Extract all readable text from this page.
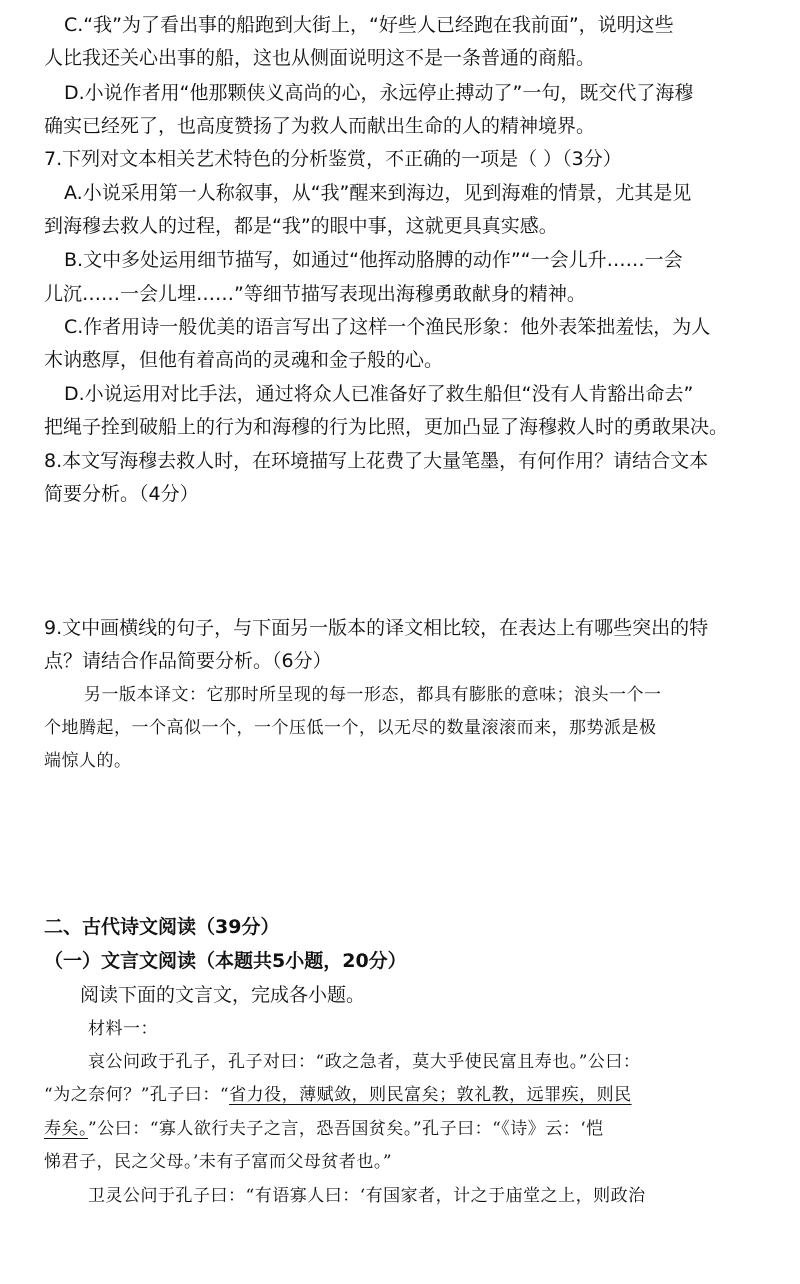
C.“我”为了看出事的船跑到大街上，“好些人已经跑在我前面”，说明这些
人比我还关心出事的船，这也从侧面说明这不是一条普通的商船。
D.小说作者用“他那颗侠义高尚的心，永远停止搏动了”一句，既交代了海穆
确实已经死了，也高度赞扬了为救人而献出生命的人的精神境界。
7.下列对文本相关艺术特色的分析鉴赏，不正确的一项是（ ）（3分）
A.小说采用第一人称叙事，从“我”醒来到海边，见到海难的情景，尤其是见
到海穆去救人的过程，都是“我”的眼中事，这就更具真实感。
B.文中多处运用细节描写，如通过“他挥动胳膊的动作”“一会儿升……一会
儿沉……一会儿埋……”等细节描写表现出海穆勇敢献身的精神。
C.作者用诗一般优美的语言写出了这样一个渔民形象：他外表笨拙羞怯，为人
木讷憨厚，但他有着高尚的灵魂和金子般的心。
D.小说运用对比手法，通过将众人已准备好了救生船但“没有人肯豁出命去”
把绳子拴到破船上的行为和海穆的行为比照，更加凸显了海穆救人时的勇敢果决。
8.本文写海穆去救人时，在环境描写上花费了大量笔墨，有何作用？请结合文本
简要分析。（4分）
9.文中画横线的句子，与下面另一版本的译文相比较，在表达上有哪些突出的特
点？请结合作品简要分析。（6分）
另一版本译文：它那时所呈现的每一形态，都具有膨胀的意味；浪头一个一
个地腾起，一个高似一个，一个压低一个，以无尽的数量滚滚而来，那势派是极
端惊人的。
二、古代诗文阅读（39分）
（一）文言文阅读（本题共5小题，20分）
阅读下面的文言文，完成各小题。
材料一：
哀公问政于孔子，孔子对曰：“政之急者，莫大乎使民富且寿也。”公曰：
“为之奈何？”孔子曰：“省力役，薄赋敛，则民富矣；敦礼教，远罪疾，则民
寿矣。”公曰：“寡人欲行夫子之言，恐吾国贫矣。”孔子曰：“《诗》云：‘恺
悌君子，民之父母。’未有子富而父母贫者也。”
卫灵公问于孔子曰：“有语寡人曰：‘有国家者，计之于庙堂之上，则政治
